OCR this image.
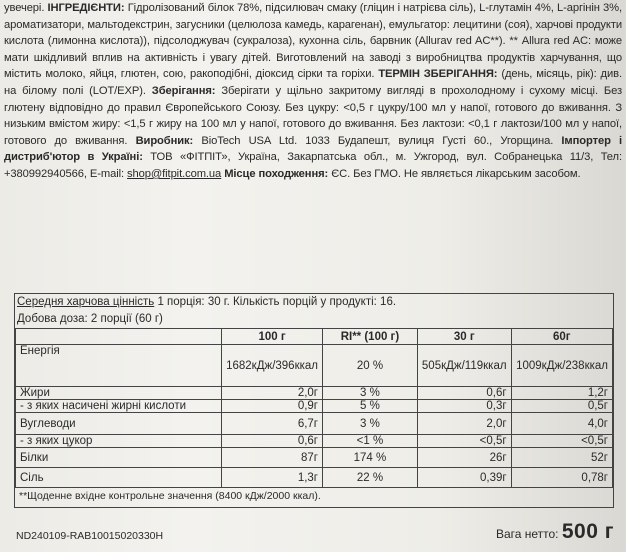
увечері. ІНГРЕДІЄНТИ: Гідролізований білок 78%, підсилювач смаку (гліцин і натрієва сіль), L-глутамін 4%, L-аргінін 3%, ароматизатори, мальтодекстрин, загусники (целюлоза камедь, карагенан), емульгатор: лецитини (соя), харчові продукти кислота (лимонна кислота)), підсолоджувач (сукралоза), кухонна сіль, барвник (Allurav red AC**). ** Allura red AC: може мати шкідливий вплив на активність і увагу дітей. Виготовлений на заводі з виробництва продуктів харчування, що містить молоко, яйця, глютен, сою, ракоподібні, діоксид сірки та горіхи. ТЕРМІН ЗБЕРІГАННЯ: (день, місяць, рік): див. на білому полі (LOT/EXP). Зберігання: Зберігати у щільно закритому вигляді в прохолодному і сухому місці. Без глютену відповідно до правил Європейського Союзу. Без цукру: <0,5 г цукру/100 мл у напої, готового до вживання. З низьким вмістом жиру: <1,5 г жиру на 100 мл у напої, готового до вживання. Без лактози: <0,1 г лактози/100 мл у напої, готового до вживання. Виробник: BioTech USA Ltd. 1033 Будапешт, вулиця Густі 60., Угорщина. Імпортер і дистриб'ютор в Україні: ТОВ «ФІТПІТ», Україна, Закарпатська обл., м. Ужгород, вул. Собранецька 11/3, Тел: +380992940566, E-mail: shop@fitpit.com.ua Місце походження: ЄС. Без ГМО. Не являється лікарським засобом.

Середня харчова цінність 1 порція: 30 г. Кількість порцій у продукті: 16.
Добова доза: 2 порції (60 г)
	100 г	RI** (100 г)	30 г	60г
Енергія	1682кДж/396ккал	20 %	505кДж/119ккал	1009кДж/238ккал
Жири	2,0г	3 %	0,6г	1,2г
- з яких насичені жирні кислоти	0,9г	5 %	0,3г	0,5г
Вуглеводи	6,7г	3 %	2,0г	4,0г
- з яких цукор	0,6г	<1 %	<0,5г	<0,5г
Білки	87г	174 %	26г	52г
Сіль	1,3г	22 %	0,39г	0,78г
**Щоденне вхідне контрольне значення (8400 кДж/2000 ккал).
ND240109-RAB10015020330H	Вага нетто: 500 г
